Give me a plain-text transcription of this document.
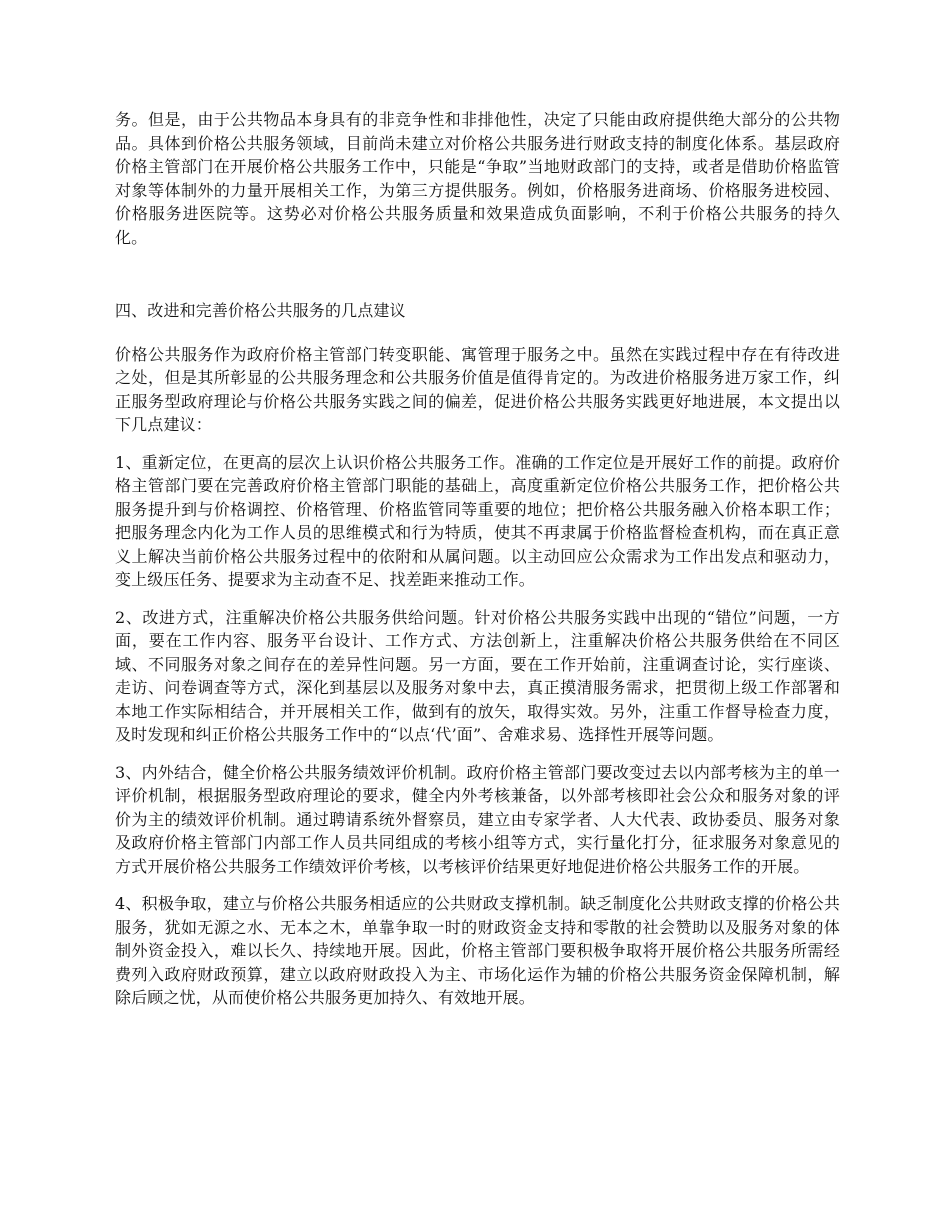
务。但是，由于公共物品本身具有的非竞争性和非排他性，决定了只能由政府提供绝大部分的公共物品。具体到价格公共服务领域，目前尚未建立对价格公共服务进行财政支持的制度化体系。基层政府价格主管部门在开展价格公共服务工作中，只能是“争取”当地财政部门的支持，或者是借助价格监管对象等体制外的力量开展相关工作，为第三方提供服务。例如，价格服务进商场、价格服务进校园、价格服务进医院等。这势必对价格公共服务质量和效果造成负面影响，不利于价格公共服务的持久化。

四、改进和完善价格公共服务的几点建议

价格公共服务作为政府价格主管部门转变职能、寓管理于服务之中。虽然在实践过程中存在有待改进之处，但是其所彰显的公共服务理念和公共服务价值是值得肯定的。为改进价格服务进万家工作，纠正服务型政府理论与价格公共服务实践之间的偏差，促进价格公共服务实践更好地进展，本文提出以下几点建议：

1、重新定位，在更高的层次上认识价格公共服务工作。准确的工作定位是开展好工作的前提。政府价格主管部门要在完善政府价格主管部门职能的基础上，高度重新定位价格公共服务工作，把价格公共服务提升到与价格调控、价格管理、价格监管同等重要的地位；把价格公共服务融入价格本职工作；把服务理念内化为工作人员的思维模式和行为特质，使其不再隶属于价格监督检查机构，而在真正意义上解决当前价格公共服务过程中的依附和从属问题。以主动回应公众需求为工作出发点和驱动力，变上级压任务、提要求为主动查不足、找差距来推动工作。

2、改进方式，注重解决价格公共服务供给问题。针对价格公共服务实践中出现的“错位”问题，一方面，要在工作内容、服务平台设计、工作方式、方法创新上，注重解决价格公共服务供给在不同区域、不同服务对象之间存在的差异性问题。另一方面，要在工作开始前，注重调查讨论，实行座谈、走访、问卷调查等方式，深化到基层以及服务对象中去，真正摸清服务需求，把贯彻上级工作部署和本地工作实际相结合，并开展相关工作，做到有的放矢，取得实效。另外，注重工作督导检查力度，及时发现和纠正价格公共服务工作中的“以点‘代’面”、舍难求易、选择性开展等问题。

3、内外结合，健全价格公共服务绩效评价机制。政府价格主管部门要改变过去以内部考核为主的单一评价机制，根据服务型政府理论的要求，健全内外考核兼备，以外部考核即社会公众和服务对象的评价为主的绩效评价机制。通过聘请系统外督察员，建立由专家学者、人大代表、政协委员、服务对象及政府价格主管部门内部工作人员共同组成的考核小组等方式，实行量化打分，征求服务对象意见的方式开展价格公共服务工作绩效评价考核，以考核评价结果更好地促进价格公共服务工作的开展。

4、积极争取，建立与价格公共服务相适应的公共财政支撑机制。缺乏制度化公共财政支撑的价格公共服务，犹如无源之水、无本之木，单靠争取一时的财政资金支持和零散的社会赞助以及服务对象的体制外资金投入，难以长久、持续地开展。因此，价格主管部门要积极争取将开展价格公共服务所需经费列入政府财政预算，建立以政府财政投入为主、市场化运作为辅的价格公共服务资金保障机制，解除后顾之忧，从而使价格公共服务更加持久、有效地开展。
